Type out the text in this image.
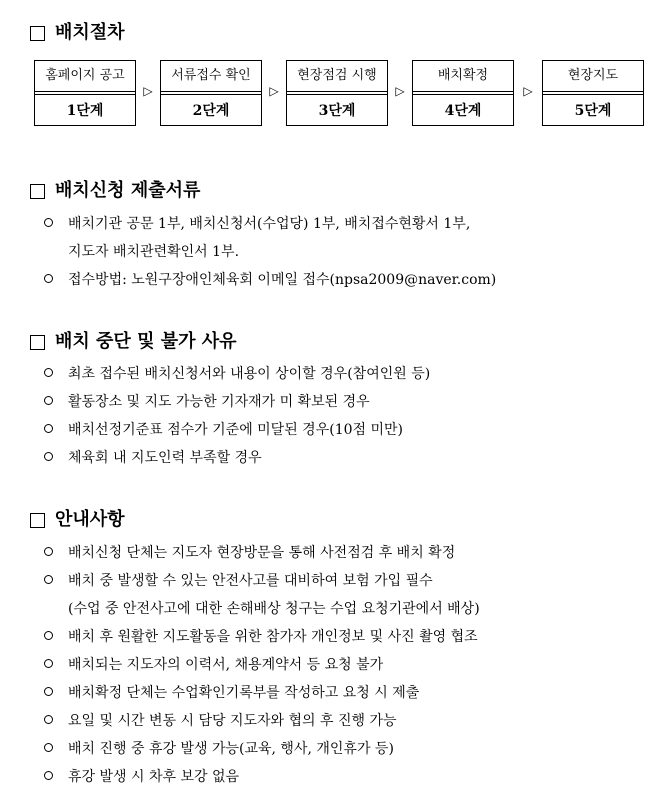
배치절차
홈페이지 공고
1단계
▷
서류접수 확인
2단계
▷
현장점검 시행
3단계
▷
배치확정
4단계
▷
현장지도
5단계
배치신청 제출서류
배치기관 공문 1부, 배치신청서(수업당) 1부, 배치접수현황서 1부,
지도자 배치관련확인서 1부.
접수방법: 노원구장애인체육회 이메일 접수(npsa2009@naver.com)
배치 중단 및 불가 사유
최초 접수된 배치신청서와 내용이 상이할 경우(참여인원 등)
활동장소 및 지도 가능한 기자재가 미 확보된 경우
배치선정기준표 점수가 기준에 미달된 경우(10점 미만)
체육회 내 지도인력 부족할 경우
안내사항
배치신청 단체는 지도자 현장방문을 통해 사전점검 후 배치 확정
배치 중 발생할 수 있는 안전사고를 대비하여 보험 가입 필수
(수업 중 안전사고에 대한 손해배상 청구는 수업 요청기관에서 배상)
배치 후 원활한 지도활동을 위한 참가자 개인정보 및 사진 촬영 협조
배치되는 지도자의 이력서, 채용계약서 등 요청 불가
배치확정 단체는 수업확인기록부를 작성하고 요청 시 제출
요일 및 시간 변동 시 담당 지도자와 협의 후 진행 가능
배치 진행 중 휴강 발생 가능(교육, 행사, 개인휴가 등)
휴강 발생 시 차후 보강 없음
